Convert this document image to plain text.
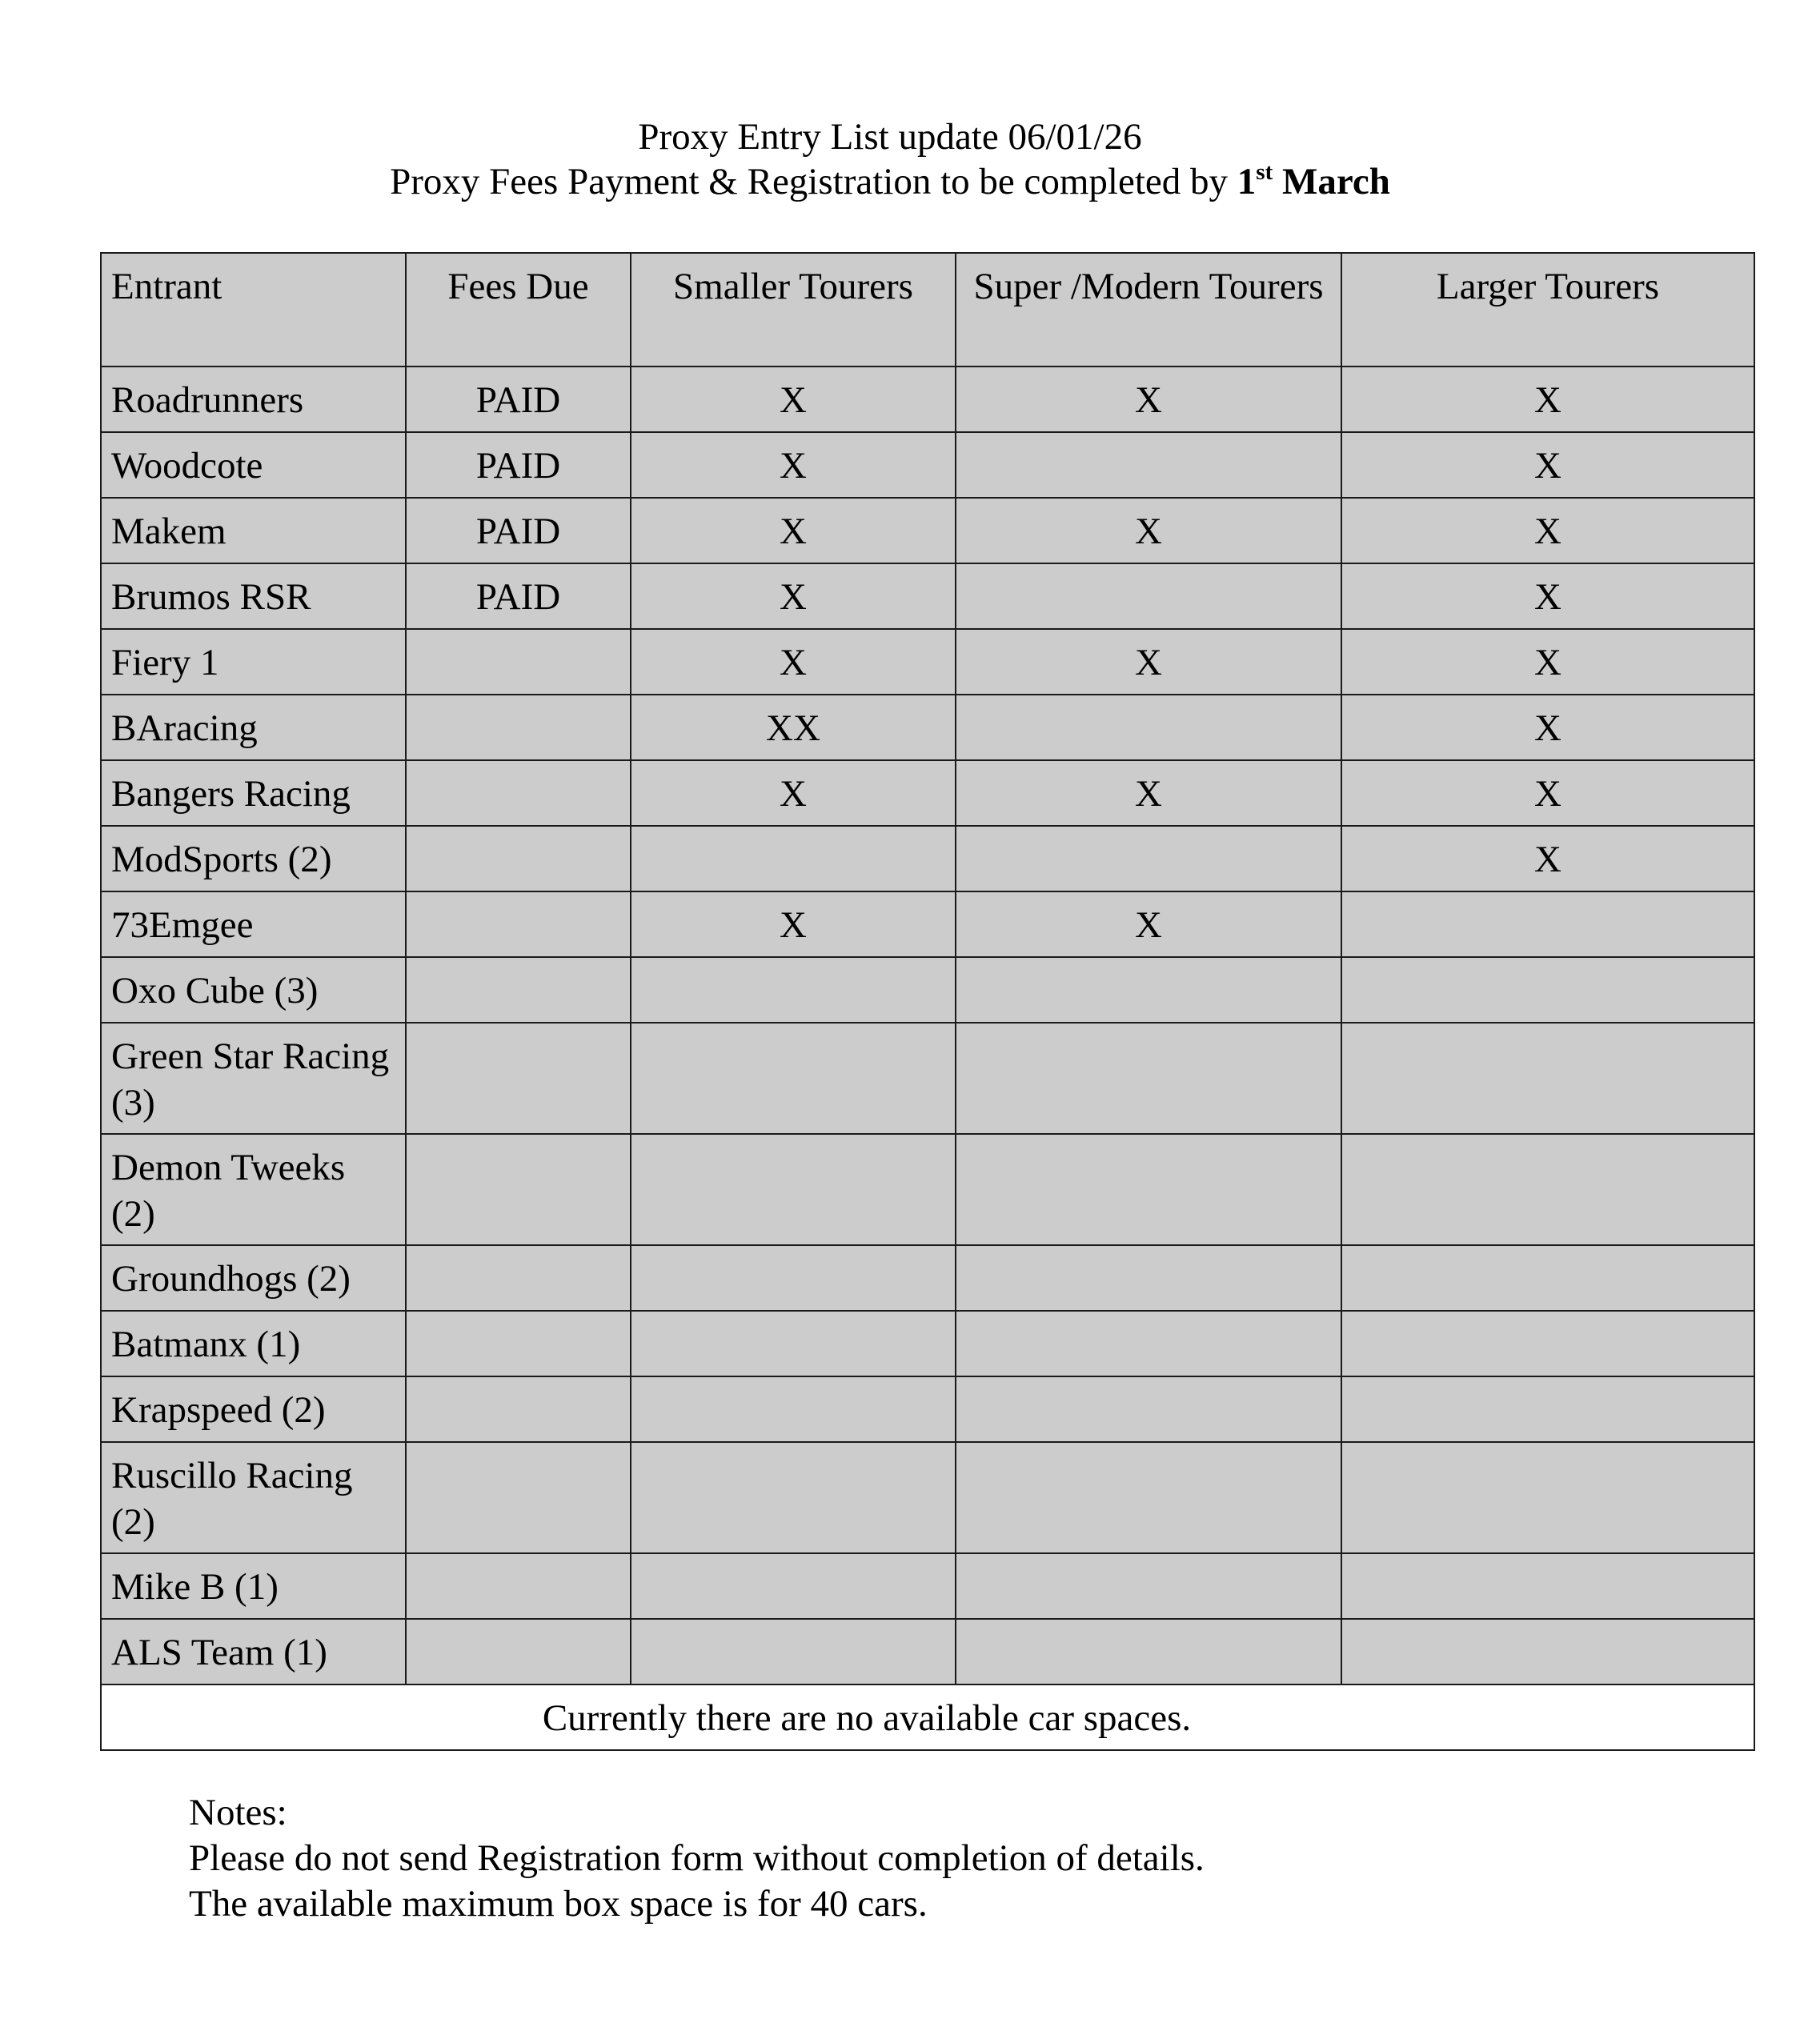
Proxy Entry List update 06/01/26
Proxy Fees Payment & Registration to be completed by 1st March
Entrant	Fees Due	Smaller Tourers	Super /Modern Tourers	Larger Tourers
Roadrunners	PAID	X	X	X
Woodcote	PAID	X		X
Makem	PAID	X	X	X
Brumos RSR	PAID	X		X
Fiery 1		X	X	X
BAracing		XX		X
Bangers Racing		X	X	X
ModSports (2)				X
73Emgee		X	X	
Oxo Cube (3)				
Green Star Racing (3)				
Demon Tweeks (2)				
Groundhogs (2)				
Batmanx (1)				
Krapspeed (2)				
Ruscillo Racing (2)				
Mike B (1)				
ALS Team (1)				
Currently there are no available car spaces.				
Notes:
Please do not send Registration form without completion of details.
The available maximum box space is for 40 cars.
